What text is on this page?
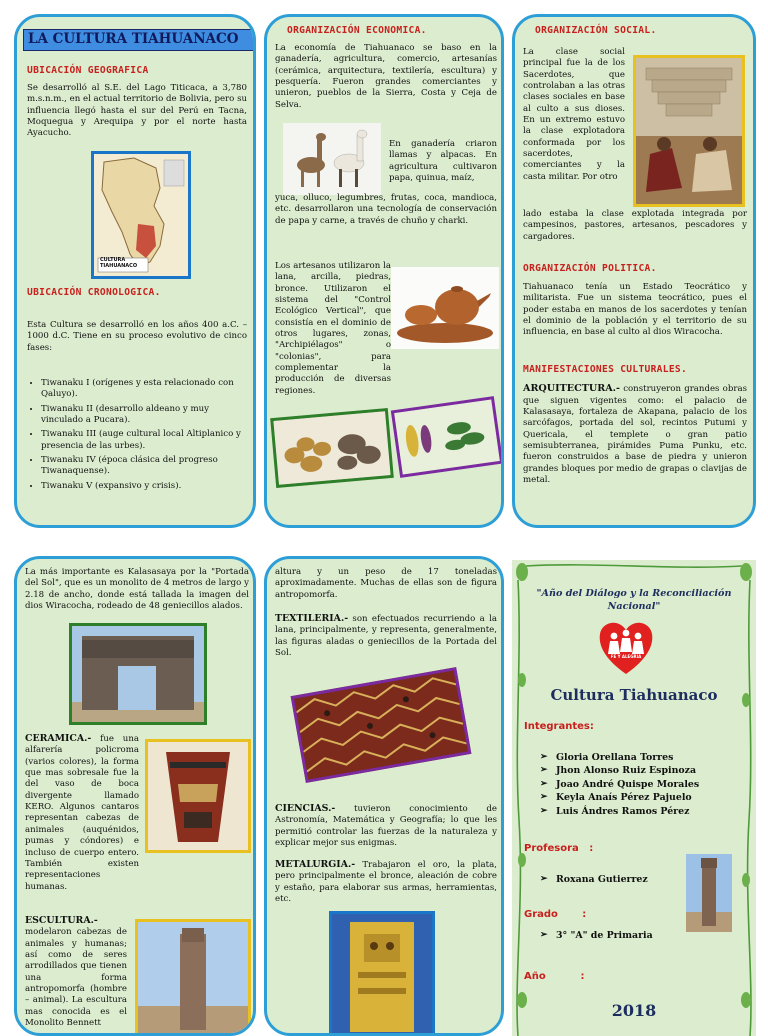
LA CULTURA TIAHUANACO
UBICACIÓN GEOGRAFICA
Se desarrolló al S.E. del Lago Titicaca, a 3,780 m.s.n.m., en el actual territorio de Bolivia, pero su influencia llegó hasta el sur del Perú en Tacna, Moquegua y Arequipa y por el norte hasta Ayacucho.
CULTURA TIAHUANACO
UBICACIÓN CRONOLOGICA.
Esta Cultura se desarrolló en los años 400 a.C. – 1000 d.C. Tiene en su proceso evolutivo de cinco fases:
• Tiwanaku I (orígenes y esta relacionado con Qaluyo).
• Tiwanaku II (desarrollo aldeano y muy vinculado a Pucara).
• Tiwanaku III (auge cultural local Altiplanico y presencia de las urbes).
• Tiwanaku IV (época clásica del progreso Tiwanaquense).
• Tiwanaku V (expansivo y crisis).
ORGANIZACIÓN ECONOMICA.
La economía de Tiahuanaco se baso en la ganadería, agricultura, comercio, artesanías (cerámica, arquitectura, textilería, escultura) y pesquería. Fueron grandes comerciantes y unieron, pueblos de la Sierra, Costa y Ceja de Selva.
En ganadería criaron llamas y alpacas. En agricultura cultivaron papa, quinua, maíz,
yuca, olluco, legumbres, frutas, coca, mandioca, etc. desarrollaron una tecnología de conservación de papa y carne, a través de chuño y charki.
Los artesanos utilizaron la lana, arcilla, piedras, bronce. Utilizaron el sistema del "Control Ecológico Vertical", que consistía en el dominio de otros lugares, zonas, "Archipiélagos" o "colonias", para complementar la producción de diversas regiones.
ORGANIZACIÓN SOCIAL.
La clase social principal fue la de los Sacerdotes, que controlaban a las otras clases sociales en base al culto a sus dioses. En un extremo estuvo la clase explotadora conformada por los sacerdotes, comerciantes y la casta militar. Por otro
lado estaba la clase explotada integrada por campesinos, pastores, artesanos, pescadores y cargadores.
ORGANIZACIÓN POLITICA.
Tiahuanaco tenía un Estado Teocrático y militarista. Fue un sistema teocrático, pues el poder estaba en manos de los sacerdotes y tenían el dominio de la población y el territorio de su influencia, en base al culto al dios Wiracocha.
MANIFESTACIONES CULTURALES.
ARQUITECTURA.- construyeron grandes obras que siguen vigentes como: el palacio de Kalasasaya, fortaleza de Akapana, palacio de los sarcófagos, portada del sol, recintos Putumi y Quericala, el templete o gran patio semisubterranea, pirámides Puma Punku, etc. fueron construidos a base de piedra y unieron grandes bloques por medio de grapas o clavijas de metal.
La más importante es Kalasasaya por la "Portada del Sol", que es un monolito de 4 metros de largo y 2.18 de ancho, donde está tallada la imagen del dios Wiracocha, rodeado de 48 geniecillos alados.
CERAMICA.- fue una alfarería policroma (varios colores), la forma que mas sobresale fue la del vaso de boca divergente llamado KERO. Algunos cantaros representan cabezas de animales (auquénidos, pumas y cóndores) e incluso de cuerpo entero. También existen representaciones humanas.
ESCULTURA.- modelaron cabezas de animales y humanas; así como de seres arrodillados que tienen una forma antropomorfa (hombre – animal). La escultura mas conocida es el Monolito Bennett
altura y un peso de 17 toneladas aproximadamente. Muchas de ellas son de figura antropomorfa.
TEXTILERIA.- son efectuados recurriendo a la lana, principalmente, y representa, generalmente, las figuras aladas o geniecillos de la Portada del Sol.
CIENCIAS.- tuvieron conocimiento de Astronomía, Matemática y Geografía; lo que les permitió controlar las fuerzas de la naturaleza y explicar mejor sus enigmas.
METALURGIA.- Trabajaron el oro, la plata, pero principalmente el bronce, aleación de cobre y estaño, para elaborar sus armas, herramientas, etc.
"Año del Diálogo y la Reconciliación Nacional"
FE Y ALEGRIA
Cultura Tiahuanaco
Integrantes:
➢ Gloria Orellana Torres
➢ Jhon Alonso Ruiz Espinoza
➢ Joao André Quispe Morales
➢ Keyla Anaís Pérez Pajuelo
➢ Luis Ándres Ramos Pérez
Profesora   :
➢ Roxana Gutierrez
Grado       :
➢ 3° "A" de Primaria
Año          :
2018
